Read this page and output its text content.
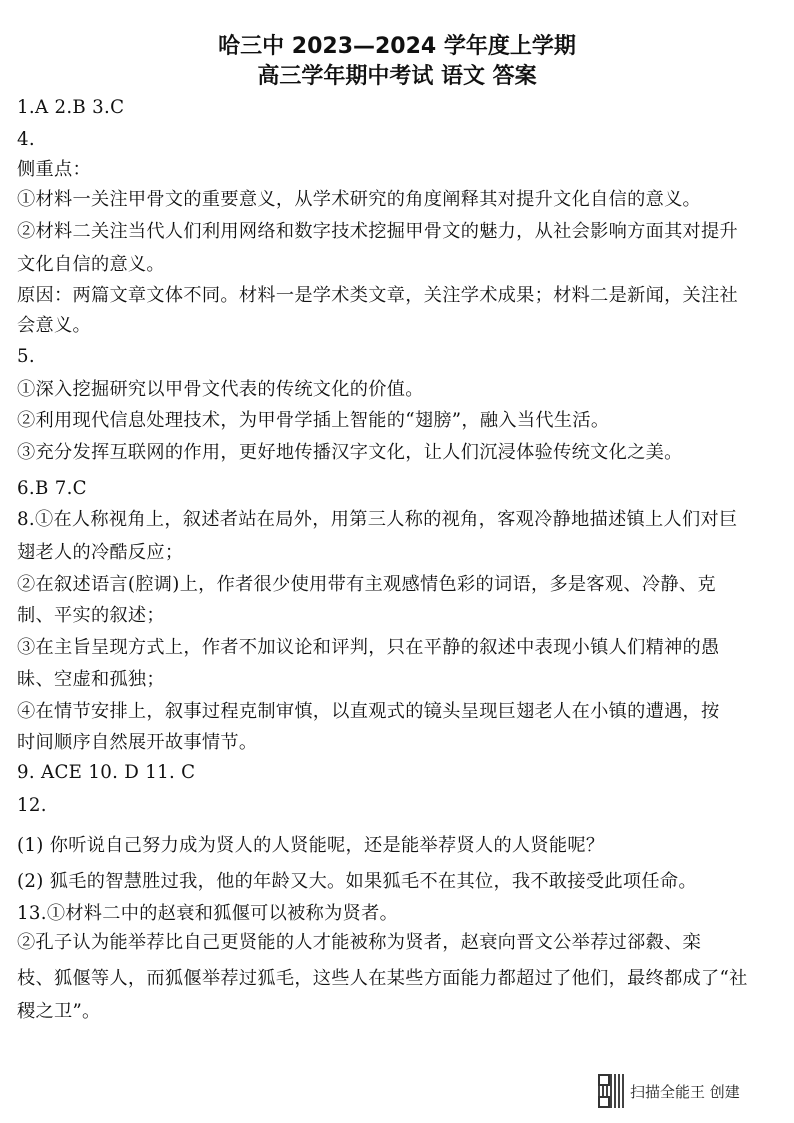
哈三中 2023—2024 学年度上学期
高三学年期中考试 语文 答案
1.A 2.B 3.C
4.
侧重点：
①材料一关注甲骨文的重要意义，从学术研究的角度阐释其对提升文化自信的意义。
②材料二关注当代人们利用网络和数字技术挖掘甲骨文的魅力，从社会影响方面其对提升
文化自信的意义。
原因：两篇文章文体不同。材料一是学术类文章，关注学术成果；材料二是新闻，关注社
会意义。
5.
①深入挖掘研究以甲骨文代表的传统文化的价值。
②利用现代信息处理技术，为甲骨学插上智能的“翅膀”，融入当代生活。
③充分发挥互联网的作用，更好地传播汉字文化，让人们沉浸体验传统文化之美。
6.B 7.C
8.①在人称视角上，叙述者站在局外，用第三人称的视角，客观冷静地描述镇上人们对巨
翅老人的冷酷反应；
②在叙述语言(腔调)上，作者很少使用带有主观感情色彩的词语，多是客观、冷静、克
制、平实的叙述；
③在主旨呈现方式上，作者不加议论和评判，只在平静的叙述中表现小镇人们精神的愚
昧、空虚和孤独；
④在情节安排上，叙事过程克制审慎，以直观式的镜头呈现巨翅老人在小镇的遭遇，按
时间顺序自然展开故事情节。
9. ACE 10. D 11. C
12.
(1) 你听说自己努力成为贤人的人贤能呢，还是能举荐贤人的人贤能呢？
(2) 狐毛的智慧胜过我，他的年龄又大。如果狐毛不在其位，我不敢接受此项任命。
13.①材料二中的赵衰和狐偃可以被称为贤者。
②孔子认为能举荐比自己更贤能的人才能被称为贤者，赵衰向晋文公举荐过郤縠、栾
枝、狐偃等人，而狐偃举荐过狐毛，这些人在某些方面能力都超过了他们，最终都成了“社
稷之卫”。
扫描全能王 创建
